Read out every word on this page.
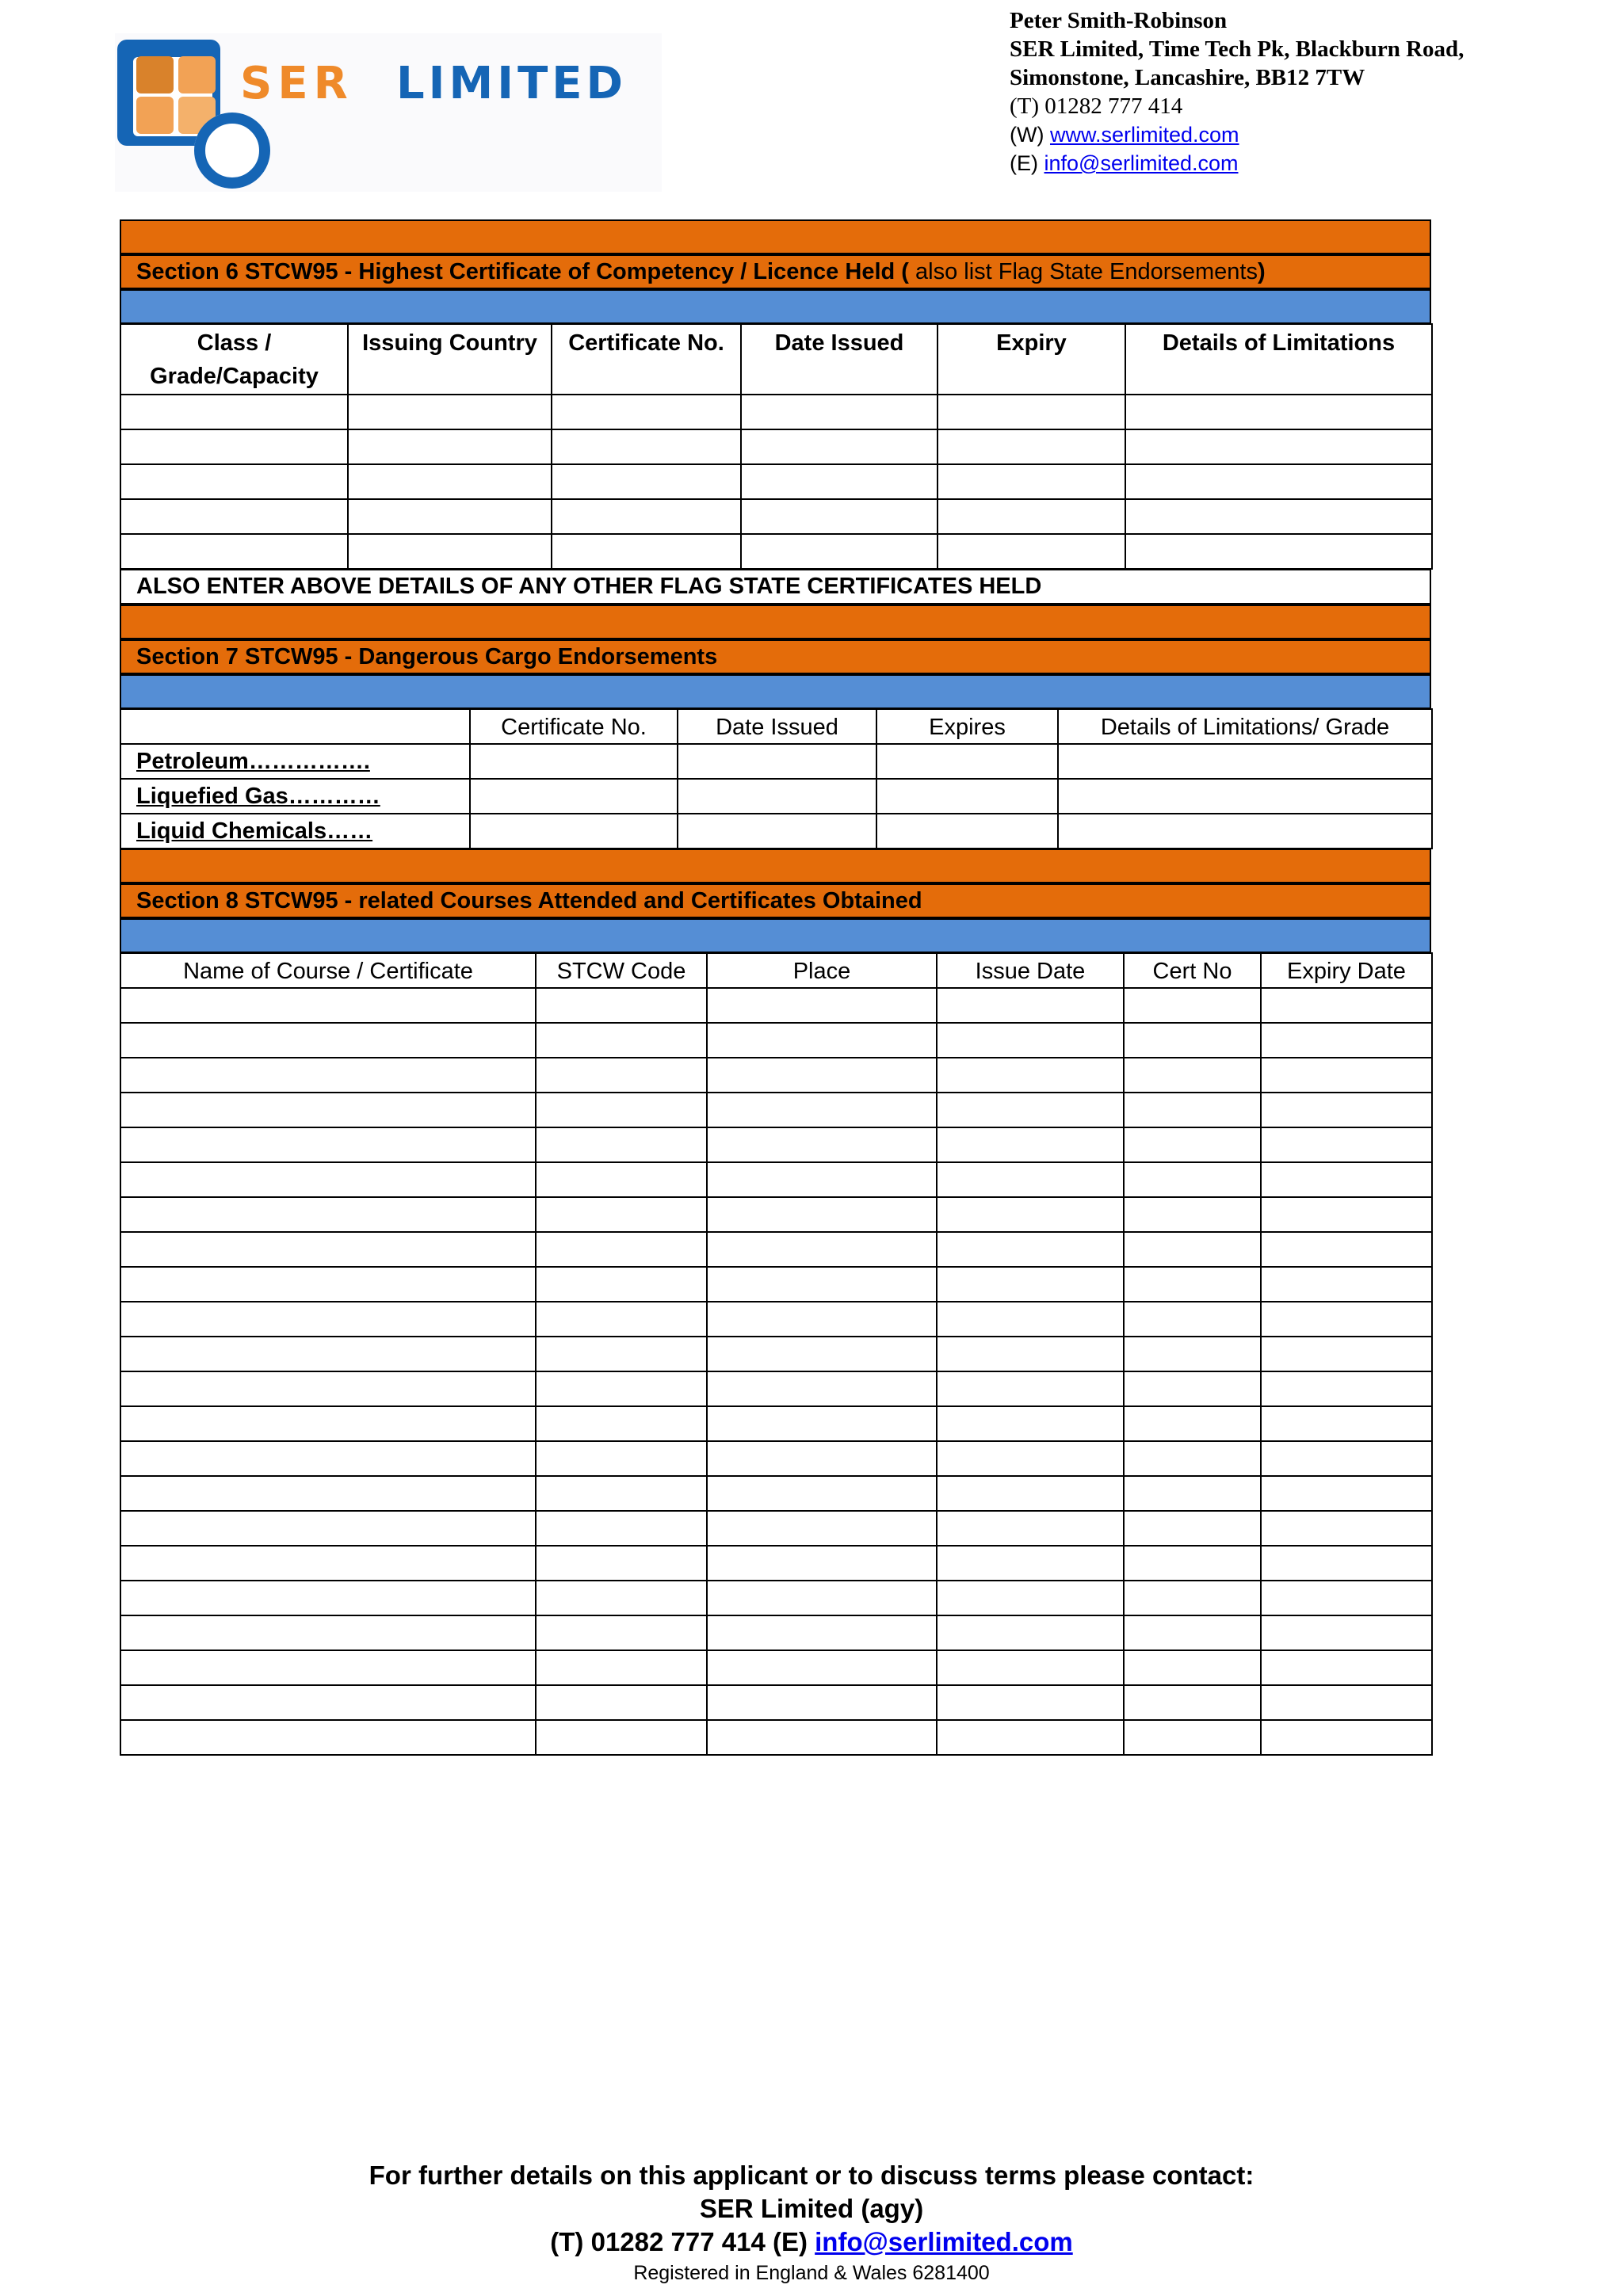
SER LIMITED
Peter Smith-Robinson
SER Limited, Time Tech Pk, Blackburn Road,
Simonstone, Lancashire, BB12 7TW
(T) 01282 777 414
(W) www.serlimited.com
(E) info@serlimited.com
Section 6 STCW95 - Highest Certificate of Competency / Licence Held ( also list Flag State Endorsements)
Class / Grade/Capacity	Issuing Country	Certificate No.	Date Issued	Expiry	Details of Limitations

ALSO ENTER ABOVE DETAILS OF ANY OTHER FLAG STATE CERTIFICATES HELD
Section 7 STCW95 - Dangerous Cargo Endorsements
	Certificate No.	Date Issued	Expires	Details of Limitations/ Grade
Petroleum…………….				
Liquefied Gas…………				
Liquid Chemicals……				
Section 8 STCW95 - related Courses Attended and Certificates Obtained
Name of Course / Certificate	STCW Code	Place	Issue Date	Cert No	Expiry Date

For further details on this applicant or to discuss terms please contact:
SER Limited (agy)
(T) 01282 777 414 (E) info@serlimited.com
Registered in England & Wales 6281400
